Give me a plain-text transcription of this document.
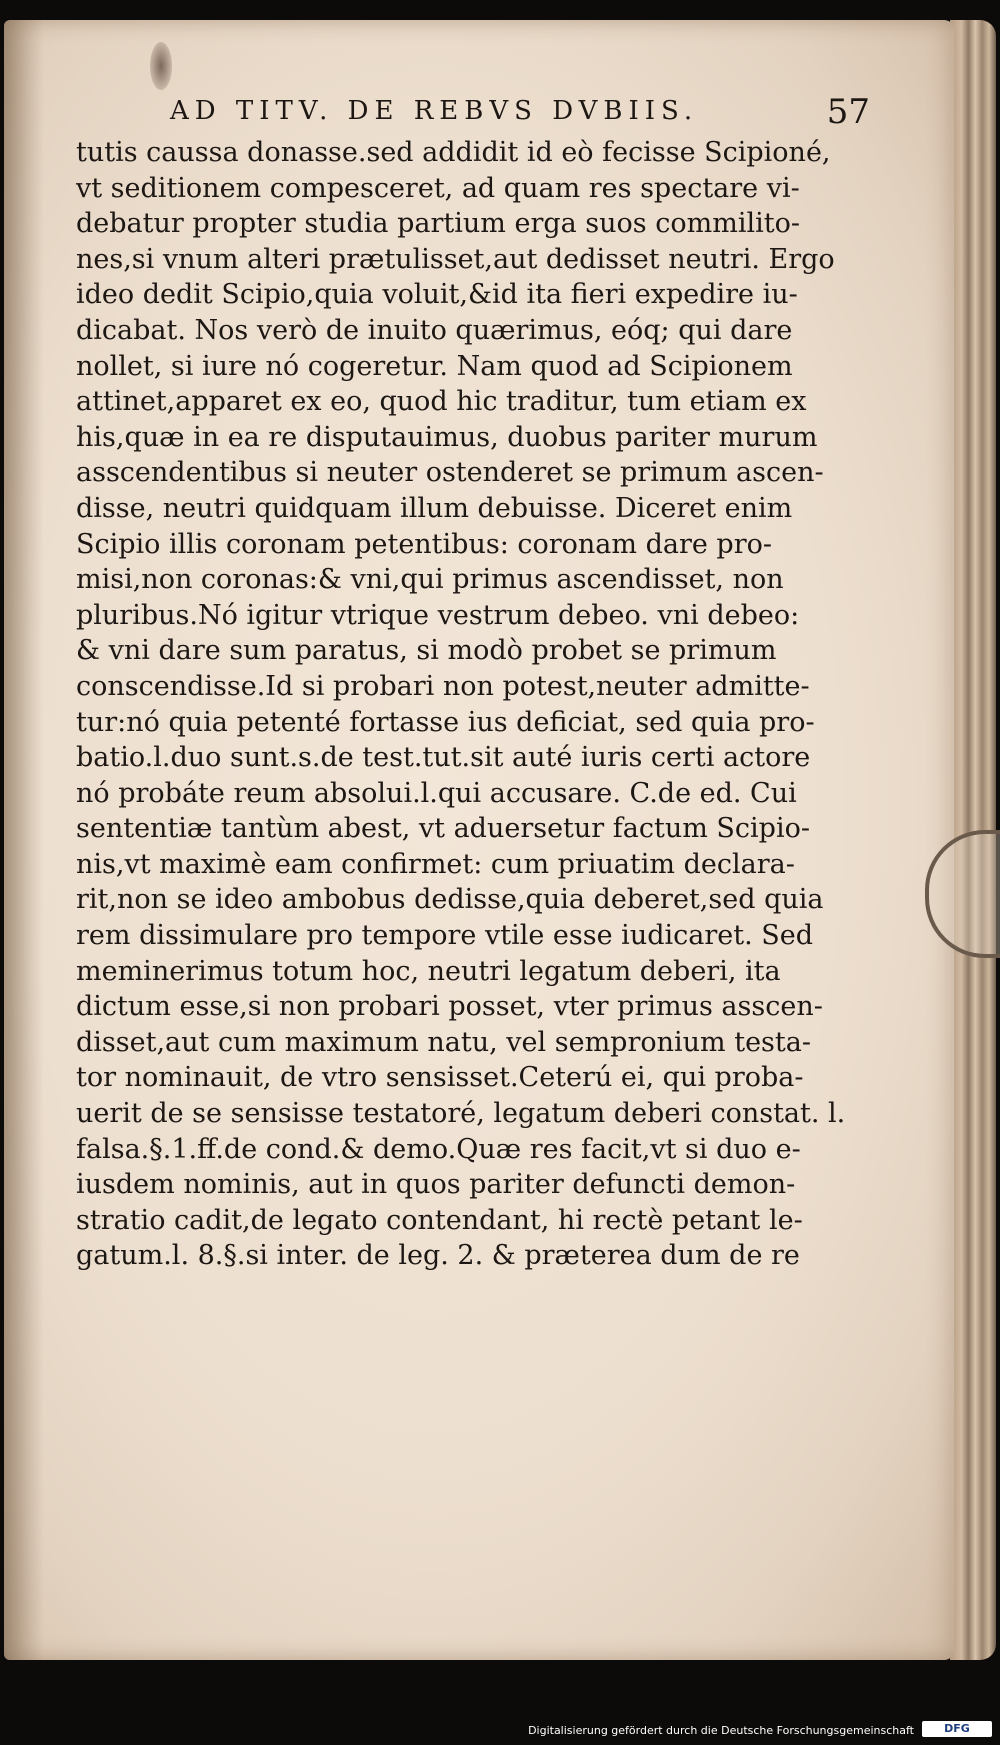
AD TITV. DE REBVS DVBIIS.	57
tutis caussa donasse.sed addidit id eò fecisse Scipioné,
vt seditionem compesceret, ad quam res spectare vi-
debatur propter studia partium erga suos commilito-
nes,si vnum alteri prætulisset,aut dedisset neutri. Ergo
ideo dedit Scipio,quia voluit,&id ita fieri expedire iu-
dicabat. Nos verò de inuito quærimus, eóq; qui dare
nollet, si iure nó cogeretur. Nam quod ad Scipionem
attinet,apparet ex eo, quod hic traditur, tum etiam ex
his,quæ in ea re disputauimus, duobus pariter murum
asscendentibus si neuter ostenderet se primum ascen-
disse, neutri quidquam illum debuisse. Diceret enim
Scipio illis coronam petentibus: coronam dare pro-
misi,non coronas:& vni,qui primus ascendisset, non
pluribus.Nó igitur vtrique vestrum debeo. vni debeo:
& vni dare sum paratus, si modò probet se primum
conscendisse.Id si probari non potest,neuter admitte-
tur:nó quia petenté fortasse ius deficiat, sed quia pro-
batio.l.duo sunt.s.de test.tut.sit auté iuris certi actore
nó probáte reum absolui.l.qui accusare. C.de ed. Cui
sententiæ tantùm abest, vt aduersetur factum Scipio-
nis,vt maximè eam confirmet: cum priuatim declara-
rit,non se ideo ambobus dedisse,quia deberet,sed quia
rem dissimulare pro tempore vtile esse iudicaret. Sed
meminerimus totum hoc, neutri legatum deberi, ita
dictum esse,si non probari posset, vter primus asscen-
disset,aut cum maximum natu, vel sempronium testa-
tor nominauit, de vtro sensisset.Ceterú ei, qui proba-
uerit de se sensisse testatoré, legatum deberi constat. l.
falsa.§.1.ff.de cond.& demo.Quæ res facit,vt si duo e-
iusdem nominis, aut in quos pariter defuncti demon-
stratio cadit,de legato contendant, hi rectè petant le-
gatum.l. 8.§.si inter. de leg. 2. & præterea dum de re
Digitalisierung gefördert durch die Deutsche Forschungsgemeinschaft	DFG
